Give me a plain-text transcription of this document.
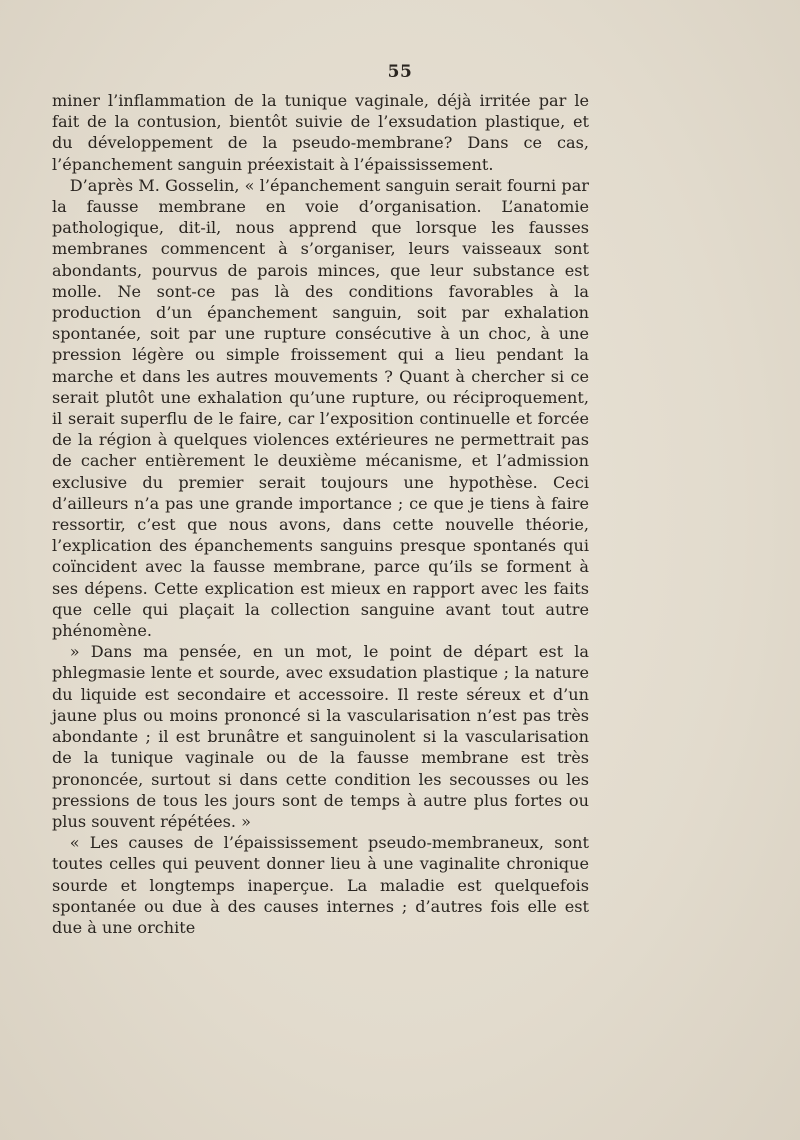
55

miner l’inflammation de la tunique vaginale, déjà irritée par le fait de la contusion, bientôt suivie de l’exsudation plastique, et du développement de la pseudo-membrane? Dans ce cas, l’épanchement sanguin préexistait à l’épaississement.

D’après M. Gosselin, « l’épanchement sanguin serait fourni par la fausse membrane en voie d’organisation. L’anatomie pathologique, dit-il, nous apprend que lorsque les fausses membranes commencent à s’organiser, leurs vaisseaux sont abondants, pourvus de parois minces, que leur substance est molle. Ne sont-ce pas là des conditions favorables à la production d’un épanchement sanguin, soit par exhalation spontanée, soit par une rupture consécutive à un choc, à une pression légère ou simple froissement qui a lieu pendant la marche et dans les autres mouvements ? Quant à chercher si ce serait plutôt une exhalation qu’une rupture, ou réciproquement, il serait superflu de le faire, car l’exposition continuelle et forcée de la région à quelques violences extérieures ne permettrait pas de cacher entièrement le deuxième mécanisme, et l’admission exclusive du premier serait toujours une hypothèse. Ceci d’ailleurs n’a pas une grande importance ; ce que je tiens à faire ressortir, c’est que nous avons, dans cette nouvelle théorie, l’explication des épanchements sanguins presque spontanés qui coïncident avec la fausse membrane, parce qu’ils se forment à ses dépens. Cette explication est mieux en rapport avec les faits que celle qui plaçait la collection sanguine avant tout autre phénomène.

» Dans ma pensée, en un mot, le point de départ est la phlegmasie lente et sourde, avec exsudation plastique ; la nature du liquide est secondaire et accessoire. Il reste séreux et d’un jaune plus ou moins prononcé si la vascularisation n’est pas très abondante ; il est brunâtre et sanguinolent si la vascularisation de la tunique vaginale ou de la fausse membrane est très prononcée, surtout si dans cette condition les secousses ou les pressions de tous les jours sont de temps à autre plus fortes ou plus souvent répétées. »

« Les causes de l’épaississement pseudo-membraneux, sont toutes celles qui peuvent donner lieu à une vaginalite chronique sourde et longtemps inaperçue. La maladie est quelquefois spontanée ou due à des causes internes ; d’autres fois elle est due à une orchite
